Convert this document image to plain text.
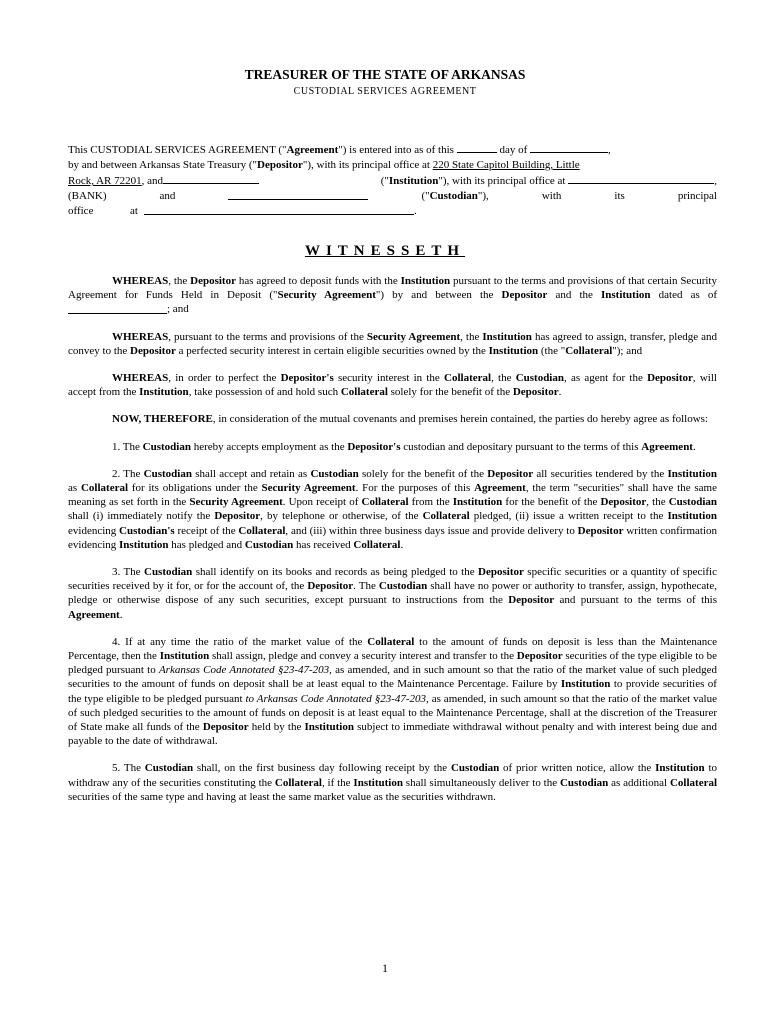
TREASURER OF THE STATE OF ARKANSAS
CUSTODIAL SERVICES AGREEMENT
This CUSTODIAL SERVICES AGREEMENT ("Agreement") is entered into as of this	day of	,
by and between Arkansas State Treasury ("Depositor"), with its principal office at 220 State Capitol Building, Little
Rock, AR 72201, and	("Institution"), with its principal office at	,
(BANK)	and	("Custodian"),	with	its	principal
office	at	.
WITNESSETH

WHEREAS, the Depositor has agreed to deposit funds with the Institution pursuant to the terms and provisions of that certain Security Agreement for Funds Held in Deposit ("Security Agreement") by and between the Depositor and the Institution dated as of __________________; and

WHEREAS, pursuant to the terms and provisions of the Security Agreement, the Institution has agreed to assign, transfer, pledge and convey to the Depositor a perfected security interest in certain eligible securities owned by the Institution (the "Collateral"); and

WHEREAS, in order to perfect the Depositor's security interest in the Collateral, the Custodian, as agent for the Depositor, will accept from the Institution, take possession of and hold such Collateral solely for the benefit of the Depositor.

NOW, THEREFORE, in consideration of the mutual covenants and premises herein contained, the parties do hereby agree as follows:

1. The Custodian hereby accepts employment as the Depositor's custodian and depositary pursuant to the terms of this Agreement.

2. The Custodian shall accept and retain as Custodian solely for the benefit of the Depositor all securities tendered by the Institution as Collateral for its obligations under the Security Agreement. For the purposes of this Agreement, the term "securities" shall have the same meaning as set forth in the Security Agreement. Upon receipt of Collateral from the Institution for the benefit of the Depositor, the Custodian shall (i) immediately notify the Depositor, by telephone or otherwise, of the Collateral pledged, (ii) issue a written receipt to the Institution evidencing Custodian's receipt of the Collateral, and (iii) within three business days issue and provide delivery to Depositor written confirmation evidencing Institution has pledged and Custodian has received Collateral.

3. The Custodian shall identify on its books and records as being pledged to the Depositor specific securities or a quantity of specific securities received by it for, or for the account of, the Depositor. The Custodian shall have no power or authority to transfer, assign, hypothecate, pledge or otherwise dispose of any such securities, except pursuant to instructions from the Depositor and pursuant to the terms of this Agreement.

4. If at any time the ratio of the market value of the Collateral to the amount of funds on deposit is less than the Maintenance Percentage, then the Institution shall assign, pledge and convey a security interest and transfer to the Depositor securities of the type eligible to be pledged pursuant to Arkansas Code Annotated §23-47-203, as amended, and in such amount so that the ratio of the market value of such pledged securities to the amount of funds on deposit shall be at least equal to the Maintenance Percentage. Failure by Institution to provide securities of the type eligible to be pledged pursuant to Arkansas Code Annotated §23-47-203, as amended, in such amount so that the ratio of the market value of such pledged securities to the amount of funds on deposit is at least equal to the Maintenance Percentage, shall at the discretion of the Treasurer of State make all funds of the Depositor held by the Institution subject to immediate withdrawal without penalty and with interest being due and payable to the date of withdrawal.

5. The Custodian shall, on the first business day following receipt by the Custodian of prior written notice, allow the Institution to withdraw any of the securities constituting the Collateral, if the Institution shall simultaneously deliver to the Custodian as additional Collateral securities of the same type and having at least the same market value as the securities withdrawn.

1
